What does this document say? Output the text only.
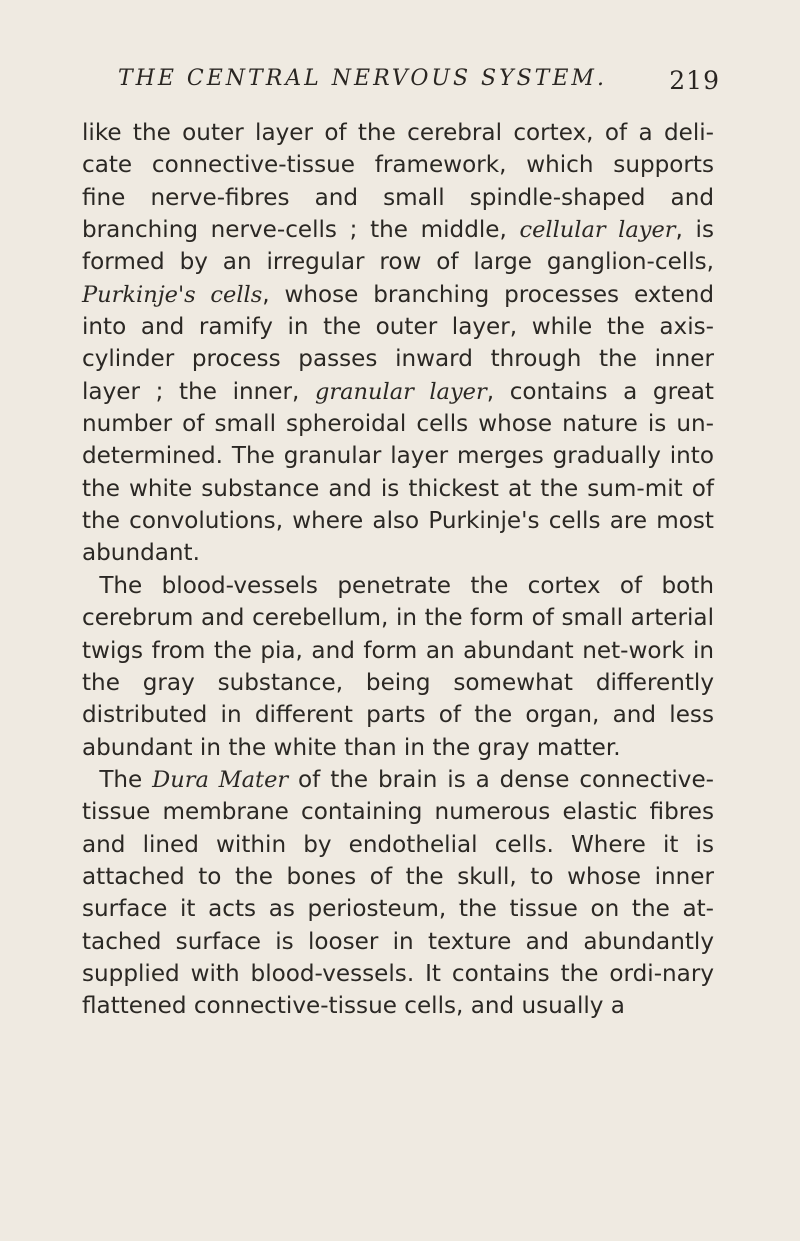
THE CENTRAL NERVOUS SYSTEM. 219

like the outer layer of the cerebral cortex, of a deli-cate connective-tissue framework, which supports fine nerve-fibres and small spindle-shaped and branching nerve-cells ; the middle, cellular layer, is formed by an irregular row of large ganglion-cells, Purkinje's cells, whose branching processes extend into and ramify in the outer layer, while the axis-cylinder process passes inward through the inner layer ; the inner, granular layer, contains a great number of small spheroidal cells whose nature is un-determined. The granular layer merges gradually into the white substance and is thickest at the sum-mit of the convolutions, where also Purkinje's cells are most abundant.

The blood-vessels penetrate the cortex of both cerebrum and cerebellum, in the form of small arterial twigs from the pia, and form an abundant net-work in the gray substance, being somewhat differently distributed in different parts of the organ, and less abundant in the white than in the gray matter.

The Dura Mater of the brain is a dense connective-tissue membrane containing numerous elastic fibres and lined within by endothelial cells. Where it is attached to the bones of the skull, to whose inner surface it acts as periosteum, the tissue on the at-tached surface is looser in texture and abundantly supplied with blood-vessels. It contains the ordi-nary flattened connective-tissue cells, and usually a
